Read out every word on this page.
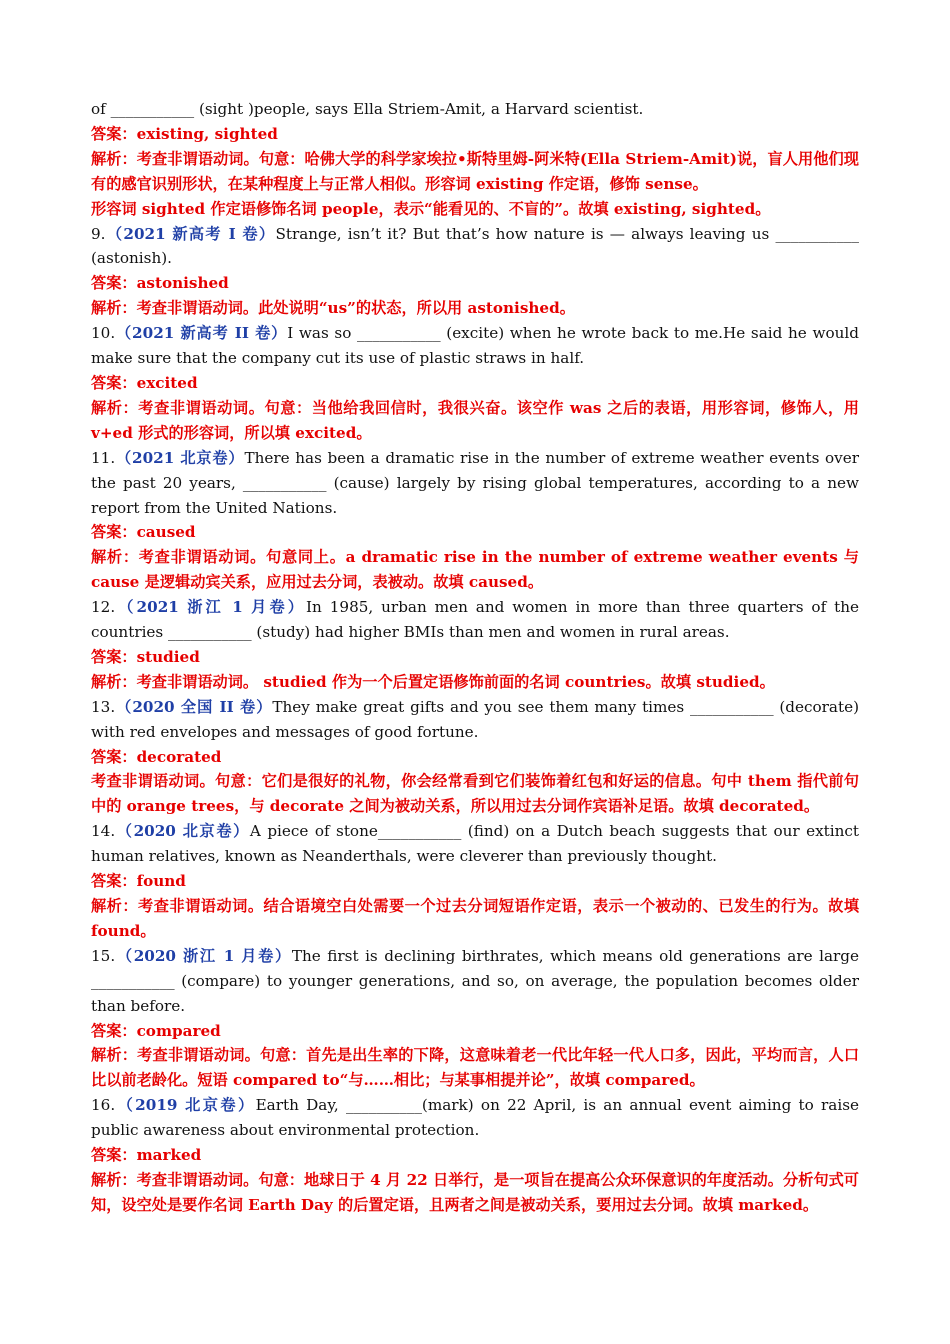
of ___________ (sight )people, says Ella Striem-Amit, a Harvard scientist.

答案：existing, sighted

解析：考查非谓语动词。句意：哈佛大学的科学家埃拉•斯特里姆-阿米特(Ella Striem-Amit)说，盲人用他们现有的感官识别形状，在某种程度上与正常人相似。形容词 existing 作定语，修饰 sense。

形容词 sighted 作定语修饰名词 people，表示“能看见的、不盲的”。故填 existing, sighted。

9.（2021 新高考 I 卷）Strange, isn’t it? But that’s how nature is — always leaving us ___________ (astonish).

答案：astonished

解析：考查非谓语动词。此处说明“us”的状态，所以用 astonished。

10.（2021 新高考 II 卷）I was so ___________ (excite) when he wrote back to me.He said he would make sure that the company cut its use of plastic straws in half.

答案：excited

解析：考查非谓语动词。句意：当他给我回信时，我很兴奋。该空作 was 之后的表语，用形容词，修饰人，用 v+ed 形式的形容词，所以填 excited。

11.（2021 北京卷）There has been a dramatic rise in the number of extreme weather events over the past 20 years, ___________ (cause) largely by rising global temperatures, according to a new report from the United Nations.

答案：caused

解析：考查非谓语动词。句意同上。a dramatic rise in the number of extreme weather events 与 cause 是逻辑动宾关系，应用过去分词，表被动。故填 caused。

12.（2021 浙江 1 月卷）In 1985, urban men and women in more than three quarters of the countries ___________ (study) had higher BMIs than men and women in rural areas.

答案：studied

解析：考查非谓语动词。 studied 作为一个后置定语修饰前面的名词 countries。故填 studied。

13.（2020 全国 II 卷）They make great gifts and you see them many times ___________ (decorate) with red envelopes and messages of good fortune.

答案：decorated

考查非谓语动词。句意：它们是很好的礼物，你会经常看到它们装饰着红包和好运的信息。句中 them 指代前句中的 orange trees，与 decorate 之间为被动关系，所以用过去分词作宾语补足语。故填 decorated。

14.（2020 北京卷）A piece of stone___________ (find) on a Dutch beach suggests that our extinct human relatives, known as Neanderthals, were cleverer than previously thought.

答案：found

解析：考查非谓语动词。结合语境空白处需要一个过去分词短语作定语，表示一个被动的、已发生的行为。故填 found。

15.（2020 浙江 1 月卷）The first is declining birthrates, which means old generations are large ___________ (compare) to younger generations, and so, on average, the population becomes older than before.

答案：compared

解析：考查非谓语动词。句意：首先是出生率的下降，这意味着老一代比年轻一代人口多，因此，平均而言，人口比以前老龄化。短语 compared to“与……相比；与某事相提并论”，故填 compared。

16.（2019 北京卷）Earth Day, __________(mark) on 22 April, is an annual event aiming to raise public awareness about environmental protection.

答案：marked

解析：考查非谓语动词。句意：地球日于 4 月 22 日举行，是一项旨在提高公众环保意识的年度活动。分析句式可知，设空处是要作名词 Earth Day 的后置定语，且两者之间是被动关系，要用过去分词。故填 marked。
